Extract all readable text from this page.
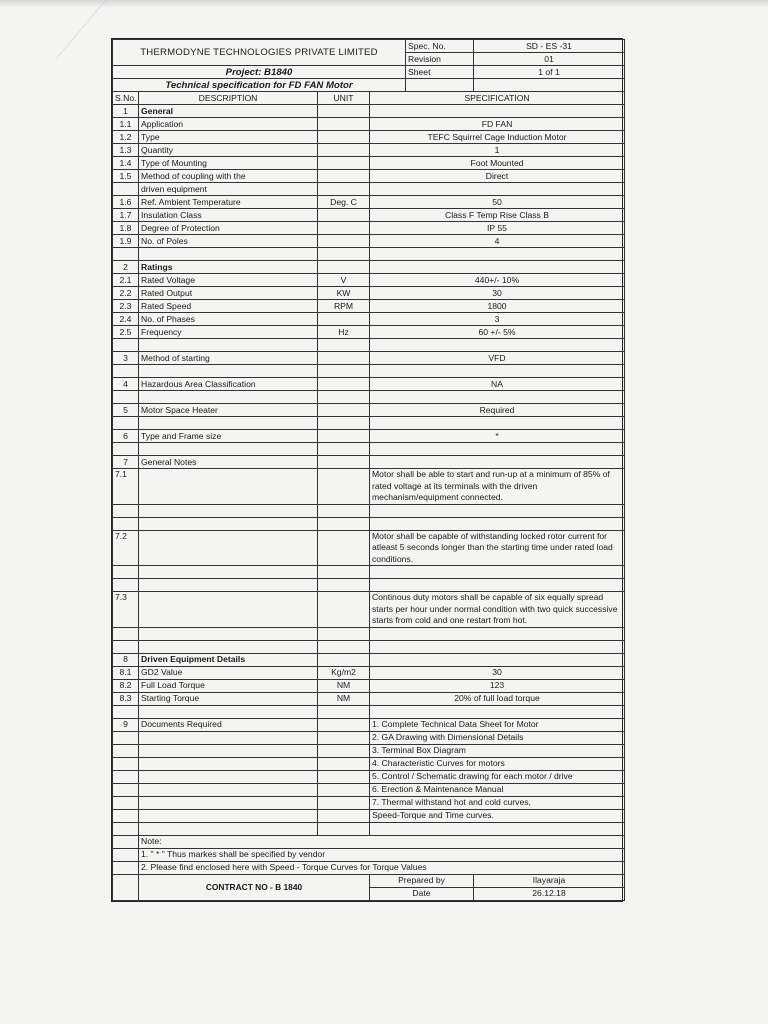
THERMODYNE TECHNOLOGIES PRIVATE LIMITED				Spec. No.	SD - ES -31
				Revision	01
Project: B1840				Sheet	1 of 1
Technical specification for FD FAN Motor					
S.No.	DESCRIPTION	UNIT	SPECIFICATION		
1	General				
1.1	Application		FD FAN		
1.2	Type		TEFC Squirrel Cage Induction Motor		
1.3	Quantity		1		
1.4	Type of Mounting		Foot Mounted		
1.5	Method of coupling with the		Direct		
	driven equipment				
1.6	Ref. Ambient Temperature	Deg. C	50		
1.7	Insulation Class		Class F Temp Rise Class B		
1.8	Degree of Protection		IP 55		
1.9	No. of Poles		4		

2	Ratings				
2.1	Rated Voltage	V	440+/- 10%		
2.2	Rated Output	KW	30		
2.3	Rated Speed	RPM	1800		
2.4	No. of Phases		3		
2.5	Frequency	Hz	60 +/- 5%		

3	Method of starting		VFD		

4	Hazardous Area Classification		NA		

5	Motor Space Heater		Required		

6	Type and Frame size		*		

7	General Notes				
7.1			Motor shall be able to start and run-up at a minimum of 85% of rated voltage at its terminals with the driven mechanism/equipment connected.		

7.2			Motor shall be capable of withstanding locked rotor current for atleast 5 seconds longer than the starting time under rated load conditions.		

7.3			Continous duty motors shall be capable of six equally spread starts per hour under normal condition with two quick successive starts from cold and one restart from hot.		

8	Driven Equipment Details				
8.1	GD2 Value	Kg/m2	30		
8.2	Full Load Torque	NM	123		
8.3	Starting Torque	NM	20% of full load torque		

9	Documents Required		1. Complete Technical Data Sheet for Motor		
			2. GA Drawing with Dimensional Details		
			3. Terminal Box Diagram		
			4. Characteristic Curves for motors		
			5. Control / Schematic drawing for each motor / drive		
			6. Erection & Maintenance Manual		
			7. Thermal withstand hot and cold curves,		
			Speed-Torque and Time curves.		

	Note:				
	1. " * " Thus markes shall be specified by vendor				
	2. Please find enclosed here with Speed - Torque Curves for Torque Values				
	CONTRACT NO - B 1840		Prepared by		Ilayaraja
			Date		26.12.18
